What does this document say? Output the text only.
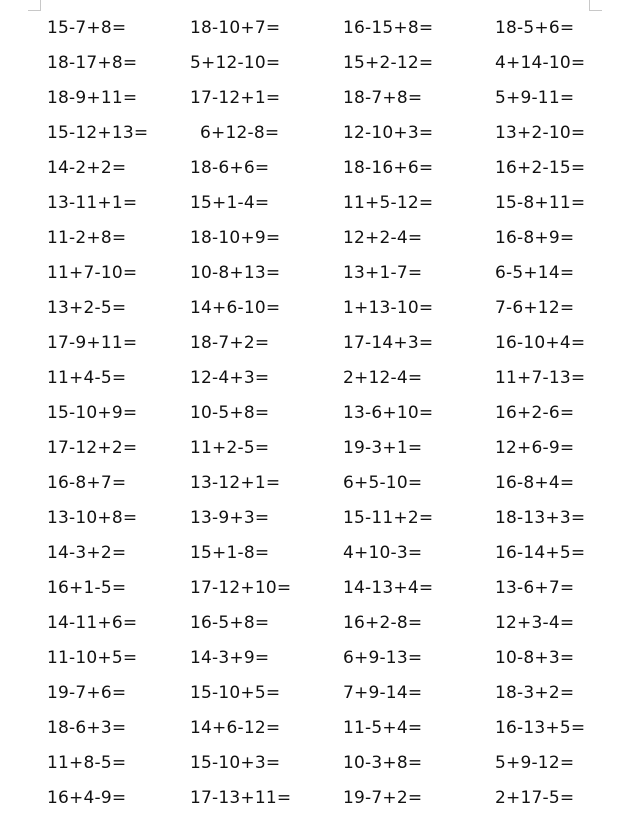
15-7+8=	18-10+7=	16-15+8=	18-5+6=
18-17+8=	5+12-10=	15+2-12=	4+14-10=
18-9+11=	17-12+1=	18-7+8=	5+9-11=
15-12+13=	6+12-8=	12-10+3=	13+2-10=
14-2+2=	18-6+6=	18-16+6=	16+2-15=
13-11+1=	15+1-4=	11+5-12=	15-8+11=
11-2+8=	18-10+9=	12+2-4=	16-8+9=
11+7-10=	10-8+13=	13+1-7=	6-5+14=
13+2-5=	14+6-10=	1+13-10=	7-6+12=
17-9+11=	18-7+2=	17-14+3=	16-10+4=
11+4-5=	12-4+3=	2+12-4=	11+7-13=
15-10+9=	10-5+8=	13-6+10=	16+2-6=
17-12+2=	11+2-5=	19-3+1=	12+6-9=
16-8+7=	13-12+1=	6+5-10=	16-8+4=
13-10+8=	13-9+3=	15-11+2=	18-13+3=
14-3+2=	15+1-8=	4+10-3=	16-14+5=
16+1-5=	17-12+10=	14-13+4=	13-6+7=
14-11+6=	16-5+8=	16+2-8=	12+3-4=
11-10+5=	14-3+9=	6+9-13=	10-8+3=
19-7+6=	15-10+5=	7+9-14=	18-3+2=
18-6+3=	14+6-12=	11-5+4=	16-13+5=
11+8-5=	15-10+3=	10-3+8=	5+9-12=
16+4-9=	17-13+11=	19-7+2=	2+17-5=
